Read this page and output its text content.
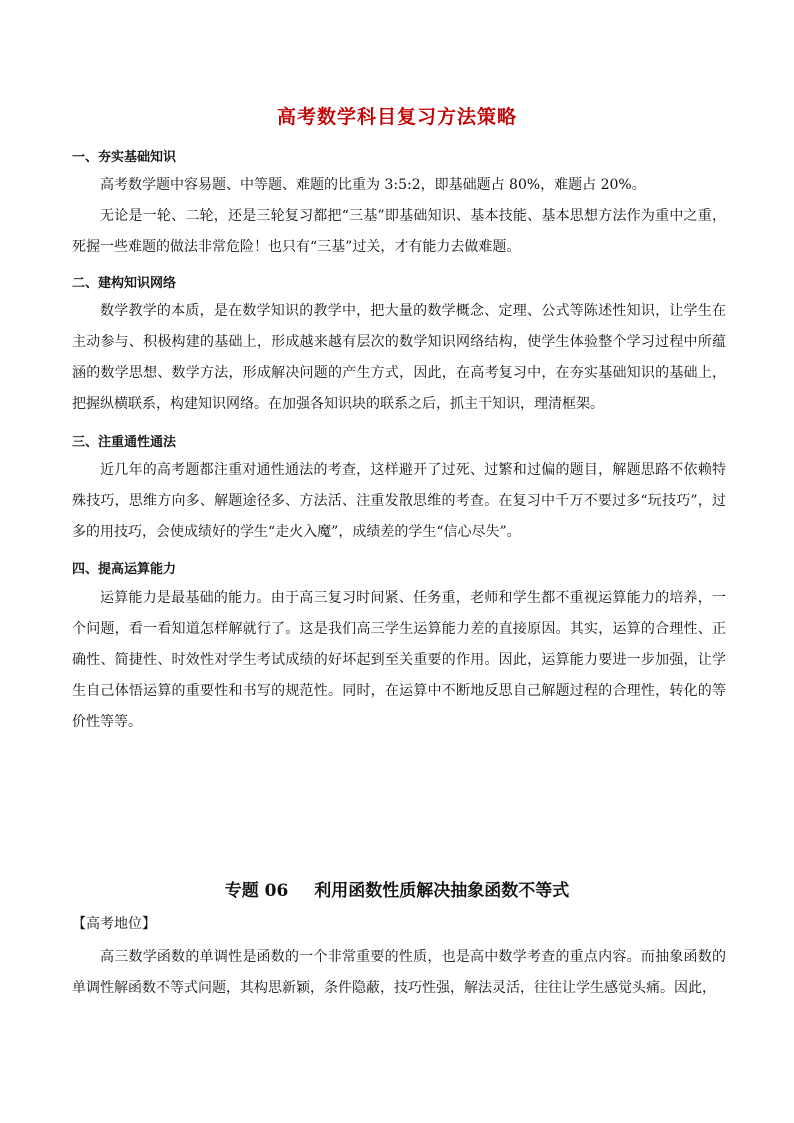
高考数学科目复习方法策略
一、夯实基础知识
高考数学题中容易题、中等题、难题的比重为 3:5:2，即基础题占 80%，难题占 20%。
无论是一轮、二轮，还是三轮复习都把“三基”即基础知识、基本技能、基本思想方法作为重中之重，死握一些难题的做法非常危险！也只有“三基”过关，才有能力去做难题。
二、建构知识网络
数学教学的本质，是在数学知识的教学中，把大量的数学概念、定理、公式等陈述性知识，让学生在主动参与、积极构建的基础上，形成越来越有层次的数学知识网络结构，使学生体验整个学习过程中所蕴涵的数学思想、数学方法，形成解决问题的产生方式，因此，在高考复习中，在夯实基础知识的基础上，把握纵横联系，构建知识网络。在加强各知识块的联系之后，抓主干知识，理清框架。
三、注重通性通法
近几年的高考题都注重对通性通法的考查，这样避开了过死、过繁和过偏的题目，解题思路不依赖特殊技巧，思维方向多、解题途径多、方法活、注重发散思维的考查。在复习中千万不要过多“玩技巧”，过多的用技巧，会使成绩好的学生“走火入魔”，成绩差的学生“信心尽失”。
四、提高运算能力
运算能力是最基础的能力。由于高三复习时间紧、任务重，老师和学生都不重视运算能力的培养，一个问题，看一看知道怎样解就行了。这是我们高三学生运算能力差的直接原因。其实，运算的合理性、正确性、简捷性、时效性对学生考试成绩的好坏起到至关重要的作用。因此，运算能力要进一步加强，让学生自己体悟运算的重要性和书写的规范性。同时，在运算中不断地反思自己解题过程的合理性，转化的等价性等等。
专题 06 利用函数性质解决抽象函数不等式
【高考地位】
高三数学函数的单调性是函数的一个非常重要的性质，也是高中数学考查的重点内容。而抽象函数的单调性解函数不等式问题，其构思新颖，条件隐蔽，技巧性强，解法灵活，往往让学生感觉头痛。因此，
